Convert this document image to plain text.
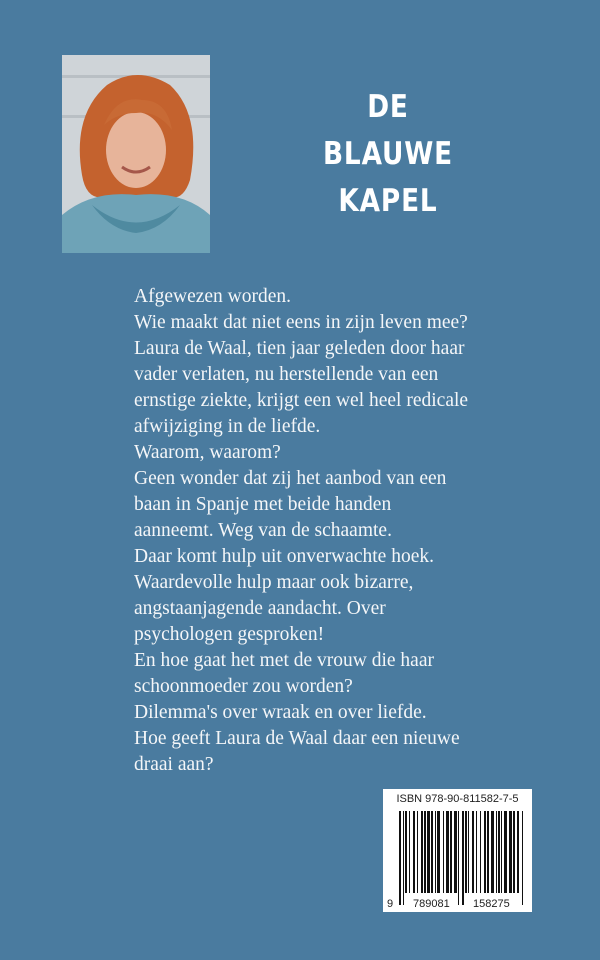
DE
BLAUWE
KAPEL
Afgewezen worden.
Wie maakt dat niet eens in zijn leven mee?
Laura de Waal, tien jaar geleden door haar
vader verlaten, nu herstellende van een
ernstige ziekte, krijgt een wel heel redicale
afwijziging in de liefde.
Waarom, waarom?
Geen wonder dat zij het aanbod van een
baan in Spanje met beide handen
aanneemt. Weg van de schaamte.
Daar komt hulp uit onverwachte hoek.
Waardevolle hulp maar ook bizarre,
angstaanjagende aandacht. Over
psychologen gesproken!
En hoe gaat het met de vrouw die haar
schoonmoeder zou worden?
Dilemma's over wraak en over liefde.
Hoe geeft Laura de Waal daar een nieuwe
draai aan?
ISBN 978-90-811582-7-5
9 789081 158275
